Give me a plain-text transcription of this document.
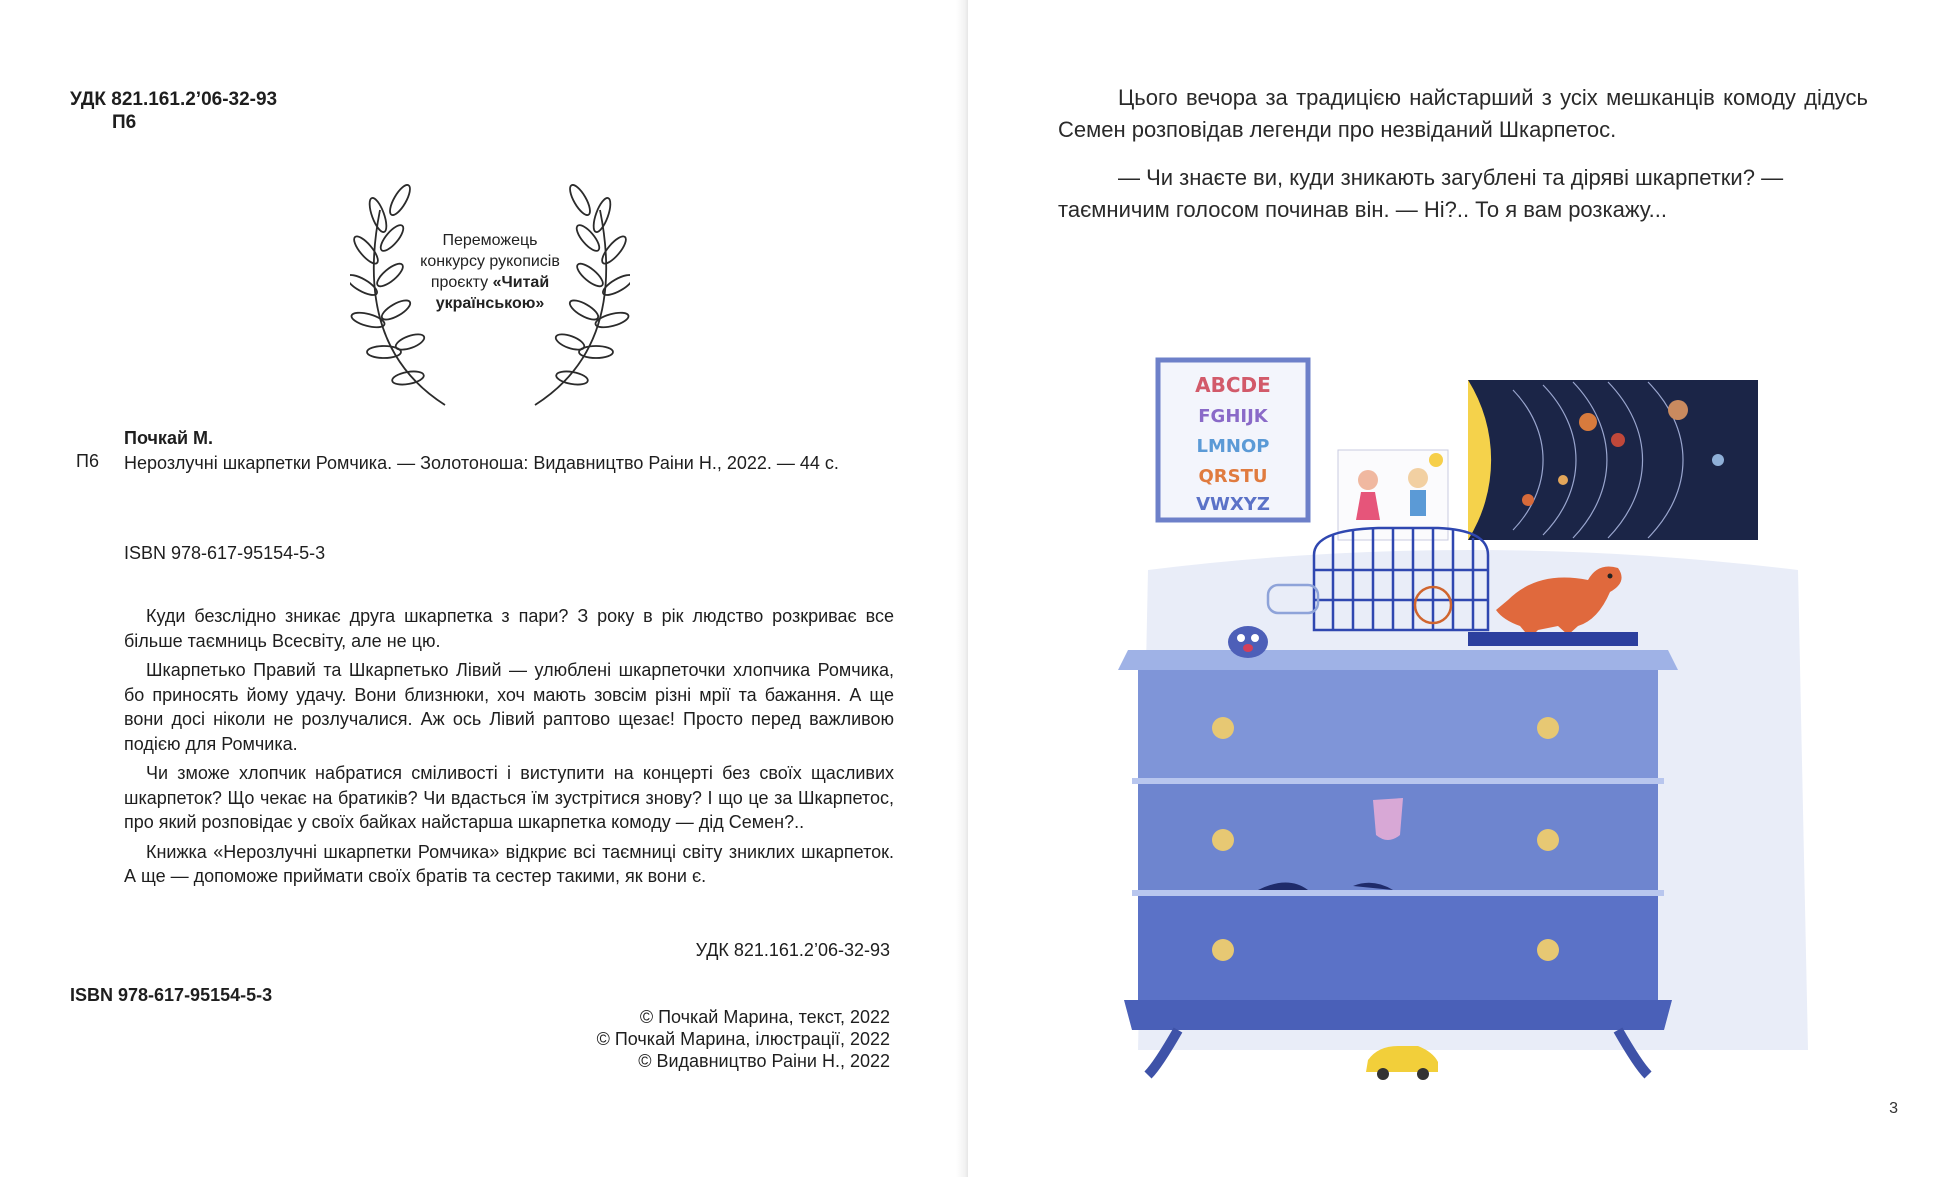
УДК 821.161.2’06-32-93
П6
Переможець
конкурсу рукописів
проєкту «Читай українською»
Почкай М.
П6 Нерозлучні шкарпетки Ромчика. — Золотоноша: Видавництво Раіни Н., 2022. — 44 с.
ISBN 978-617-95154-5-3

Куди безслідно зникає друга шкарпетка з пари? З року в рік людство розкриває все більше таємниць Всесвіту, але не цю.

Шкарпетько Правий та Шкарпетько Лівий — улюблені шкарпеточки хлопчика Ромчика, бо приносять йому удачу. Вони близнюки, хоч мають зовсім різні мрії та бажання. А ще вони досі ніколи не розлучалися. Аж ось Лівий раптово щезає! Просто перед важливою подією для Ромчика.

Чи зможе хлопчик набратися сміливості і виступити на концерті без своїх щасливих шкарпеток? Що чекає на братиків? Чи вдасться їм зустрітися знову? І що це за Шкарпетос, про який розповідає у своїх байках найстарша шкарпетка комоду — дід Семен?..

Книжка «Нерозлучні шкарпетки Ромчика» відкриє всі таємниці світу зниклих шкарпеток. А ще — допоможе приймати своїх братів та сестер такими, як вони є.

УДК 821.161.2’06-32-93
ISBN 978-617-95154-5-3
© Почкай Марина, текст, 2022
© Почкай Марина, ілюстрації, 2022
© Видавництво Раіни Н., 2022

Цього вечора за традицією найстарший з усіх мешканців комоду дідусь Семен розповідав легенди про незвіданий Шкарпетос.

— Чи знаєте ви, куди зникають загублені та діряві шкарпетки? — таємничим голосом починав він. — Ні?.. То я вам розкажу...

ABCDE
FGHIJK
LMNOP
QRSTU
VWXYZ
3
